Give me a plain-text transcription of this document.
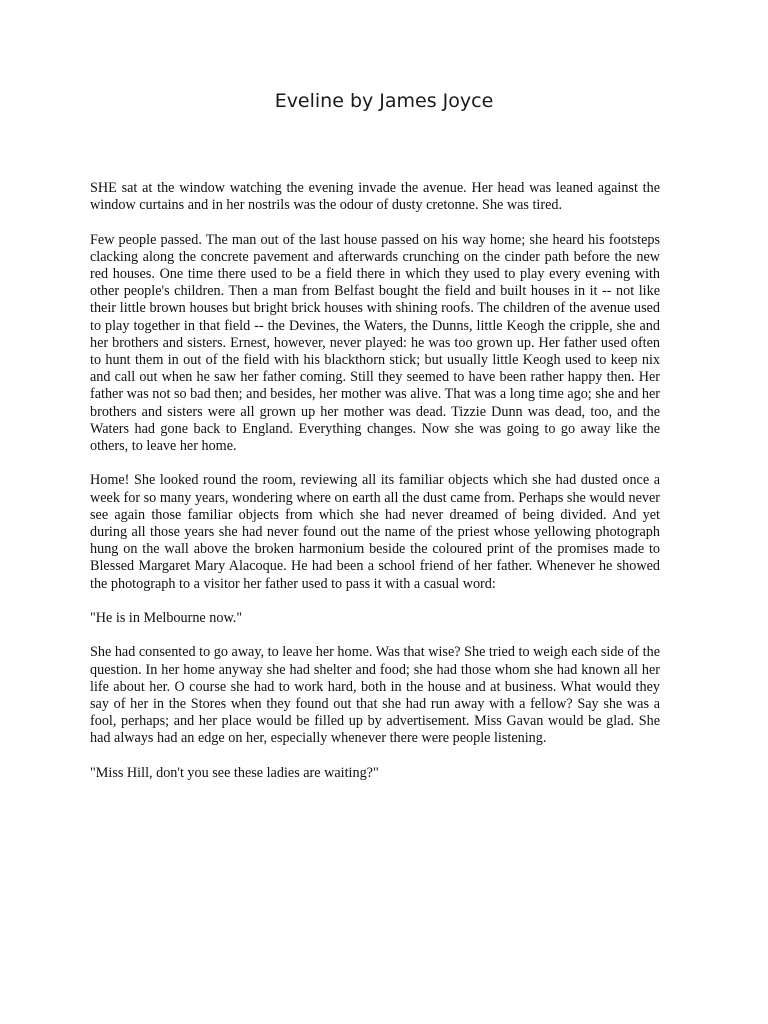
Eveline by James Joyce

SHE sat at the window watching the evening invade the avenue. Her head was leaned against the window curtains and in her nostrils was the odour of dusty cretonne. She was tired.

Few people passed. The man out of the last house passed on his way home; she heard his footsteps clacking along the concrete pavement and afterwards crunching on the cinder path before the new red houses. One time there used to be a field there in which they used to play every evening with other people's children. Then a man from Belfast bought the field and built houses in it -- not like their little brown houses but bright brick houses with shining roofs. The children of the avenue used to play together in that field -- the Devines, the Waters, the Dunns, little Keogh the cripple, she and her brothers and sisters. Ernest, however, never played: he was too grown up. Her father used often to hunt them in out of the field with his blackthorn stick; but usually little Keogh used to keep nix and call out when he saw her father coming. Still they seemed to have been rather happy then. Her father was not so bad then; and besides, her mother was alive. That was a long time ago; she and her brothers and sisters were all grown up her mother was dead. Tizzie Dunn was dead, too, and the Waters had gone back to England. Everything changes. Now she was going to go away like the others, to leave her home.

Home! She looked round the room, reviewing all its familiar objects which she had dusted once a week for so many years, wondering where on earth all the dust came from. Perhaps she would never see again those familiar objects from which she had never dreamed of being divided. And yet during all those years she had never found out the name of the priest whose yellowing photograph hung on the wall above the broken harmonium beside the coloured print of the promises made to Blessed Margaret Mary Alacoque. He had been a school friend of her father. Whenever he showed the photograph to a visitor her father used to pass it with a casual word:

"He is in Melbourne now."

She had consented to go away, to leave her home. Was that wise? She tried to weigh each side of the question. In her home anyway she had shelter and food; she had those whom she had known all her life about her. O course she had to work hard, both in the house and at business. What would they say of her in the Stores when they found out that she had run away with a fellow? Say she was a fool, perhaps; and her place would be filled up by advertisement. Miss Gavan would be glad. She had always had an edge on her, especially whenever there were people listening.

"Miss Hill, don't you see these ladies are waiting?"
